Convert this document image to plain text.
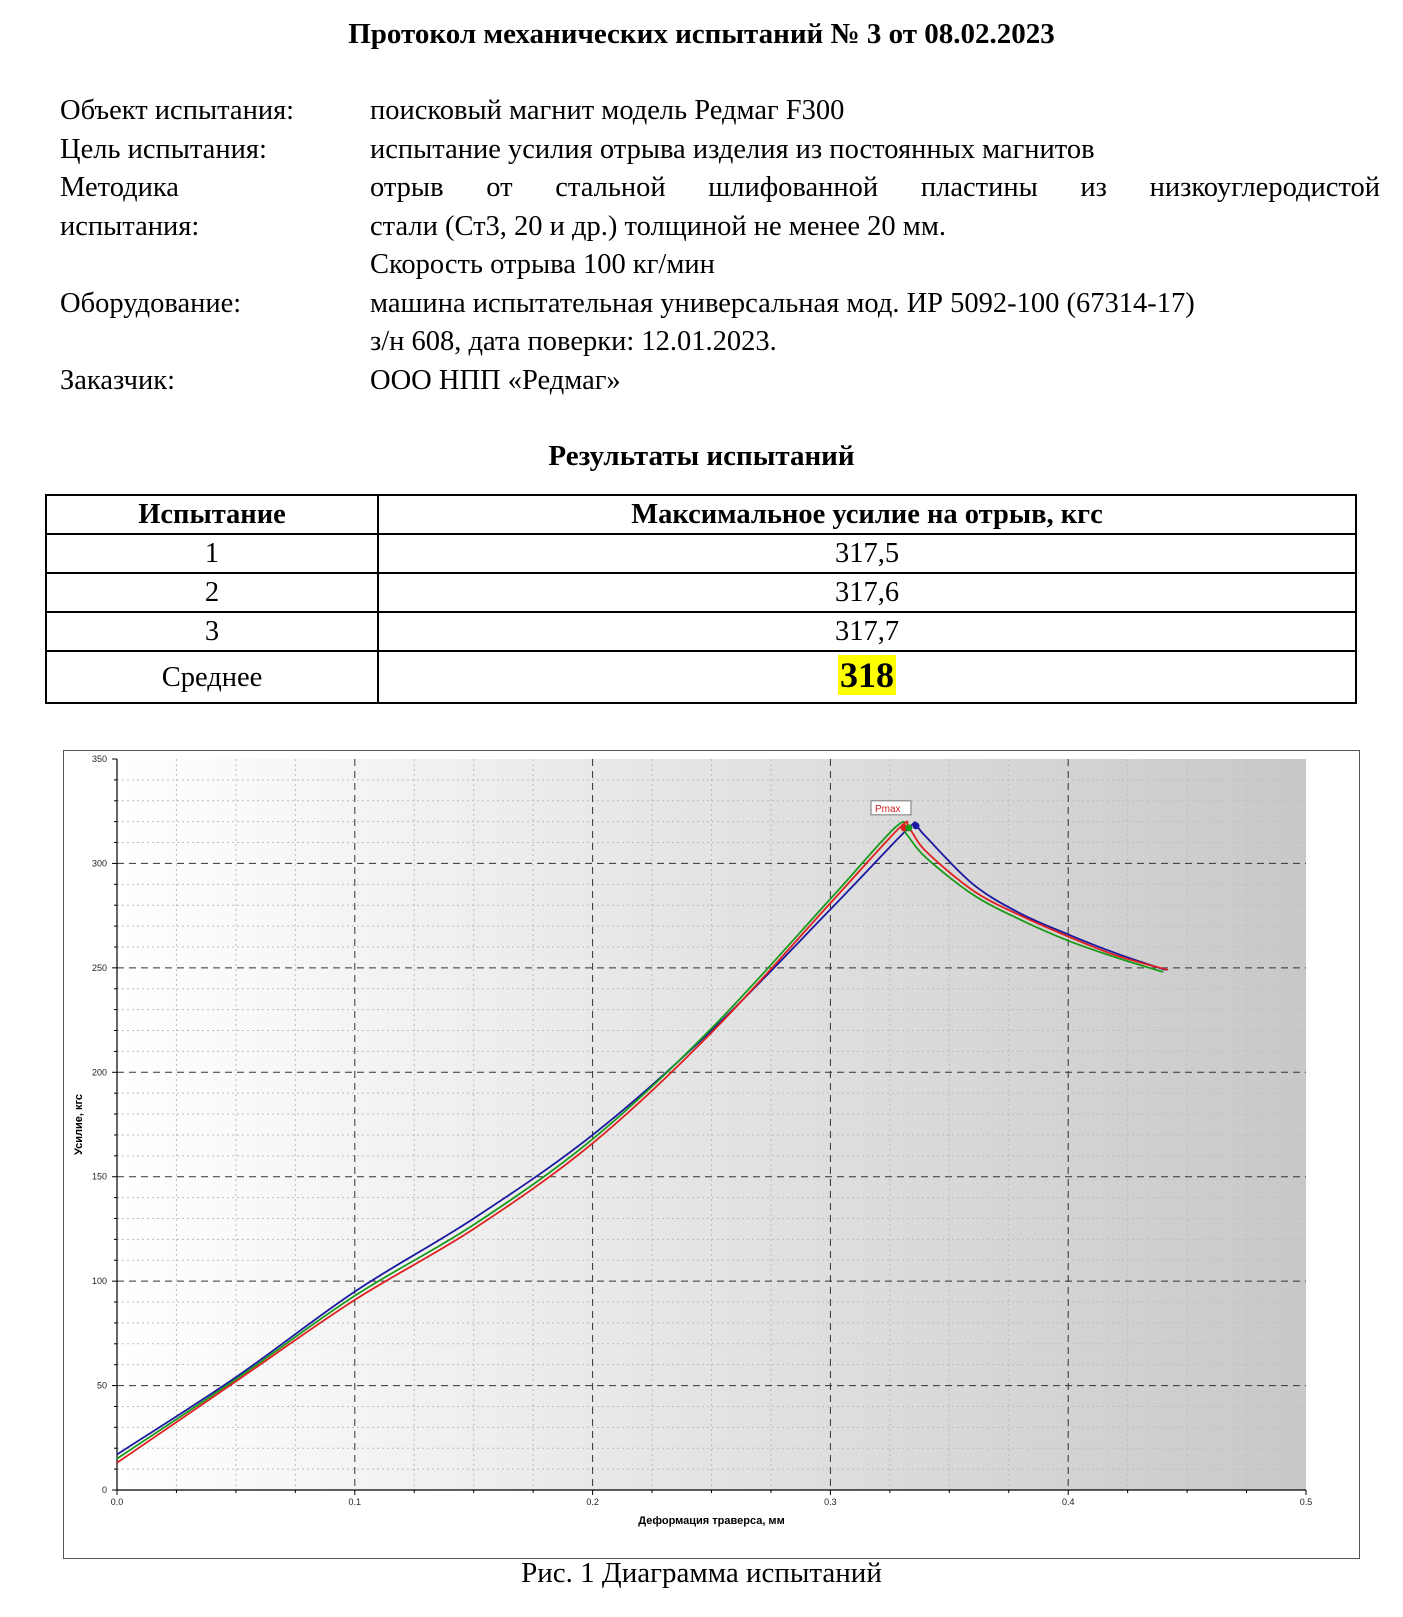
Протокол механических испытаний № 3 от 08.02.2023
Объект испытания:	поисковый магнит модель Редмаг F300
Цель испытания:	испытание усилия отрыва изделия из постоянных магнитов
Методика
испытания:
отрыв от стальной шлифованной пластины из низкоуглеродистой
стали (Ст3, 20 и др.) толщиной не менее 20 мм.
Скорость отрыва 100 кг/мин
Оборудование:	машина испытательная универсальная мод. ИР 5092-100 (67314-17)
з/н 608, дата поверки: 12.01.2023.
Заказчик:	ООО НПП «Редмаг»
Результаты испытаний
Испытание	Максимальное усилие на отрыв, кгс
1	317,5
2	317,6
3	317,7
Среднее	318
0.0	0.1	0.2	0.3	0.4	0.5
0
50
100
150
200
250
300
350
Pmax
Деформация траверса, мм
Усилие, кгс
Рис. 1 Диаграмма испытаний
